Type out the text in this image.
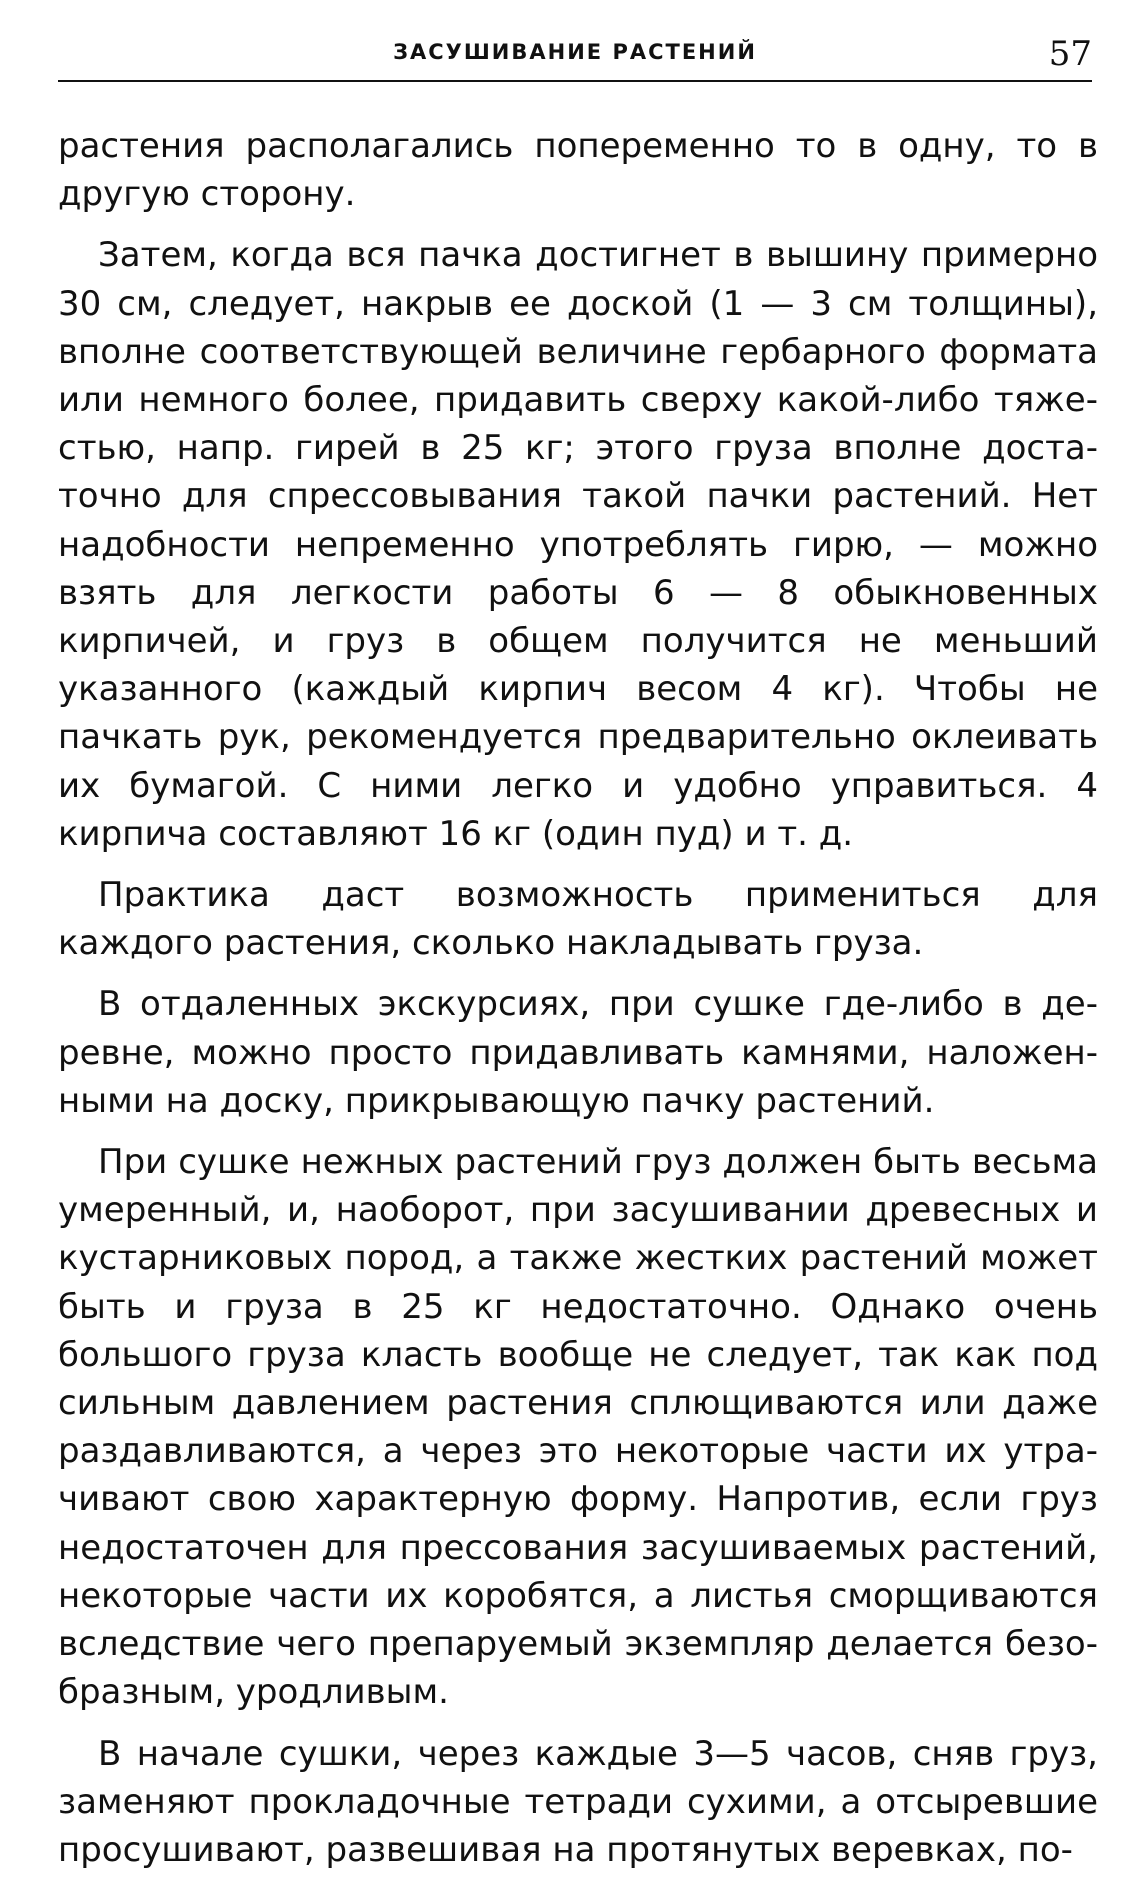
ЗАСУШИВАНИЕ РАСТЕНИЙ	57

растения располагались попеременно то в одну, то в другую сторону.

Затем, когда вся пачка достигнет в вышину примерно 30 см, следует, накрыв ее доской (1 — 3 см толщины), вполне соответствующей величине гербарного формата или немного более, придавить сверху какой-либо тяжестью, напр. гирей в 25 кг; этого груза вполне достаточно для спрессовывания такой пачки растений. Нет надобности непременно употреблять гирю, — можно взять для легкости работы 6 — 8 обыкновенных кирпичей, и груз в общем получится не меньший указанного (каждый кирпич весом 4 кг). Чтобы не пачкать рук, рекомендуется предварительно оклеивать их бумагой. С ними легко и удобно управиться. 4 кирпича составляют 16 кг (один пуд) и т. д.

Практика даст возможность примениться для каждого растения, сколько накладывать груза.

В отдаленных экскурсиях, при сушке где-либо в деревне, можно просто придавливать камнями, наложенными на доску, прикрывающую пачку растений.

При сушке нежных растений груз должен быть весьма умеренный, и, наоборот, при засушивании древесных и кустарниковых пород, а также жестких растений может быть и груза в 25 кг недостаточно. Однако очень большого груза класть вообще не следует, так как под сильным давлением растения сплющиваются или даже раздавливаются, а через это некоторые части их утрачивают свою характерную форму. Напротив, если груз недостаточен для прессования засушиваемых растений, некоторые части их коробятся, а листья сморщиваются вследствие чего препаруемый экземпляр делается безобразным, уродливым.

В начале сушки, через каждые 3—5 часов, сняв груз, заменяют прокладочные тетради сухими, а отсыревшие просушивают, развешивая на протянутых веревках, по-
